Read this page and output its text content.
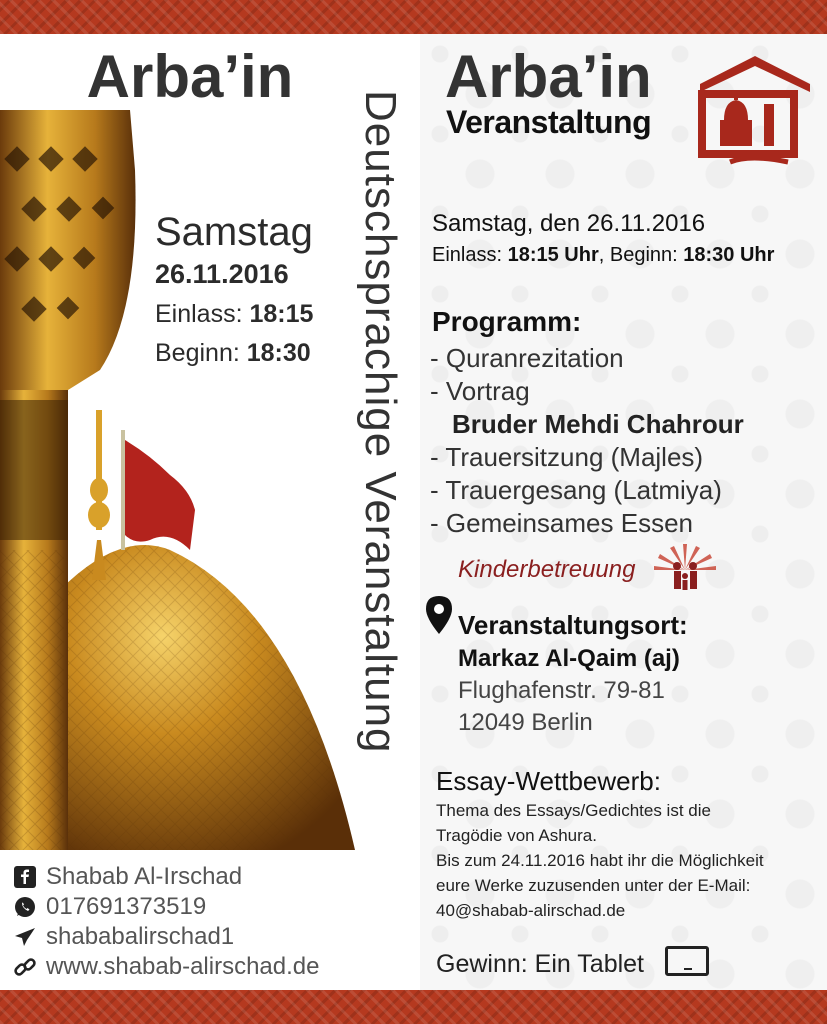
Arba’in
Samstag
26.11.2016
Einlass: 18:15
Beginn: 18:30 Deutschsprachige Veranstaltung
Shabab Al-Irschad
017691373519
shababalirschad1
www.shabab-alirschad.de
Arba’in
Veranstaltung
Samstag, den 26.11.2016
Einlass: 18:15 Uhr, Beginn: 18:30 Uhr
Programm:
- Quranrezitation
- Vortrag
Bruder Mehdi Chahrour
- Trauersitzung (Majles)
- Trauergesang (Latmiya)
- Gemeinsames Essen
Kinderbetreuung
Veranstaltungsort:
Markaz Al-Qaim (aj)
Flughafenstr. 79-81
12049 Berlin
Essay-Wettbewerb:
Thema des Essays/Gedichtes ist die
Tragödie von Ashura.
Bis zum 24.11.2016 habt ihr die Möglichkeit
eure Werke zuzusenden unter der E-Mail:
40@shabab-alirschad.de
Gewinn: Ein Tablet
